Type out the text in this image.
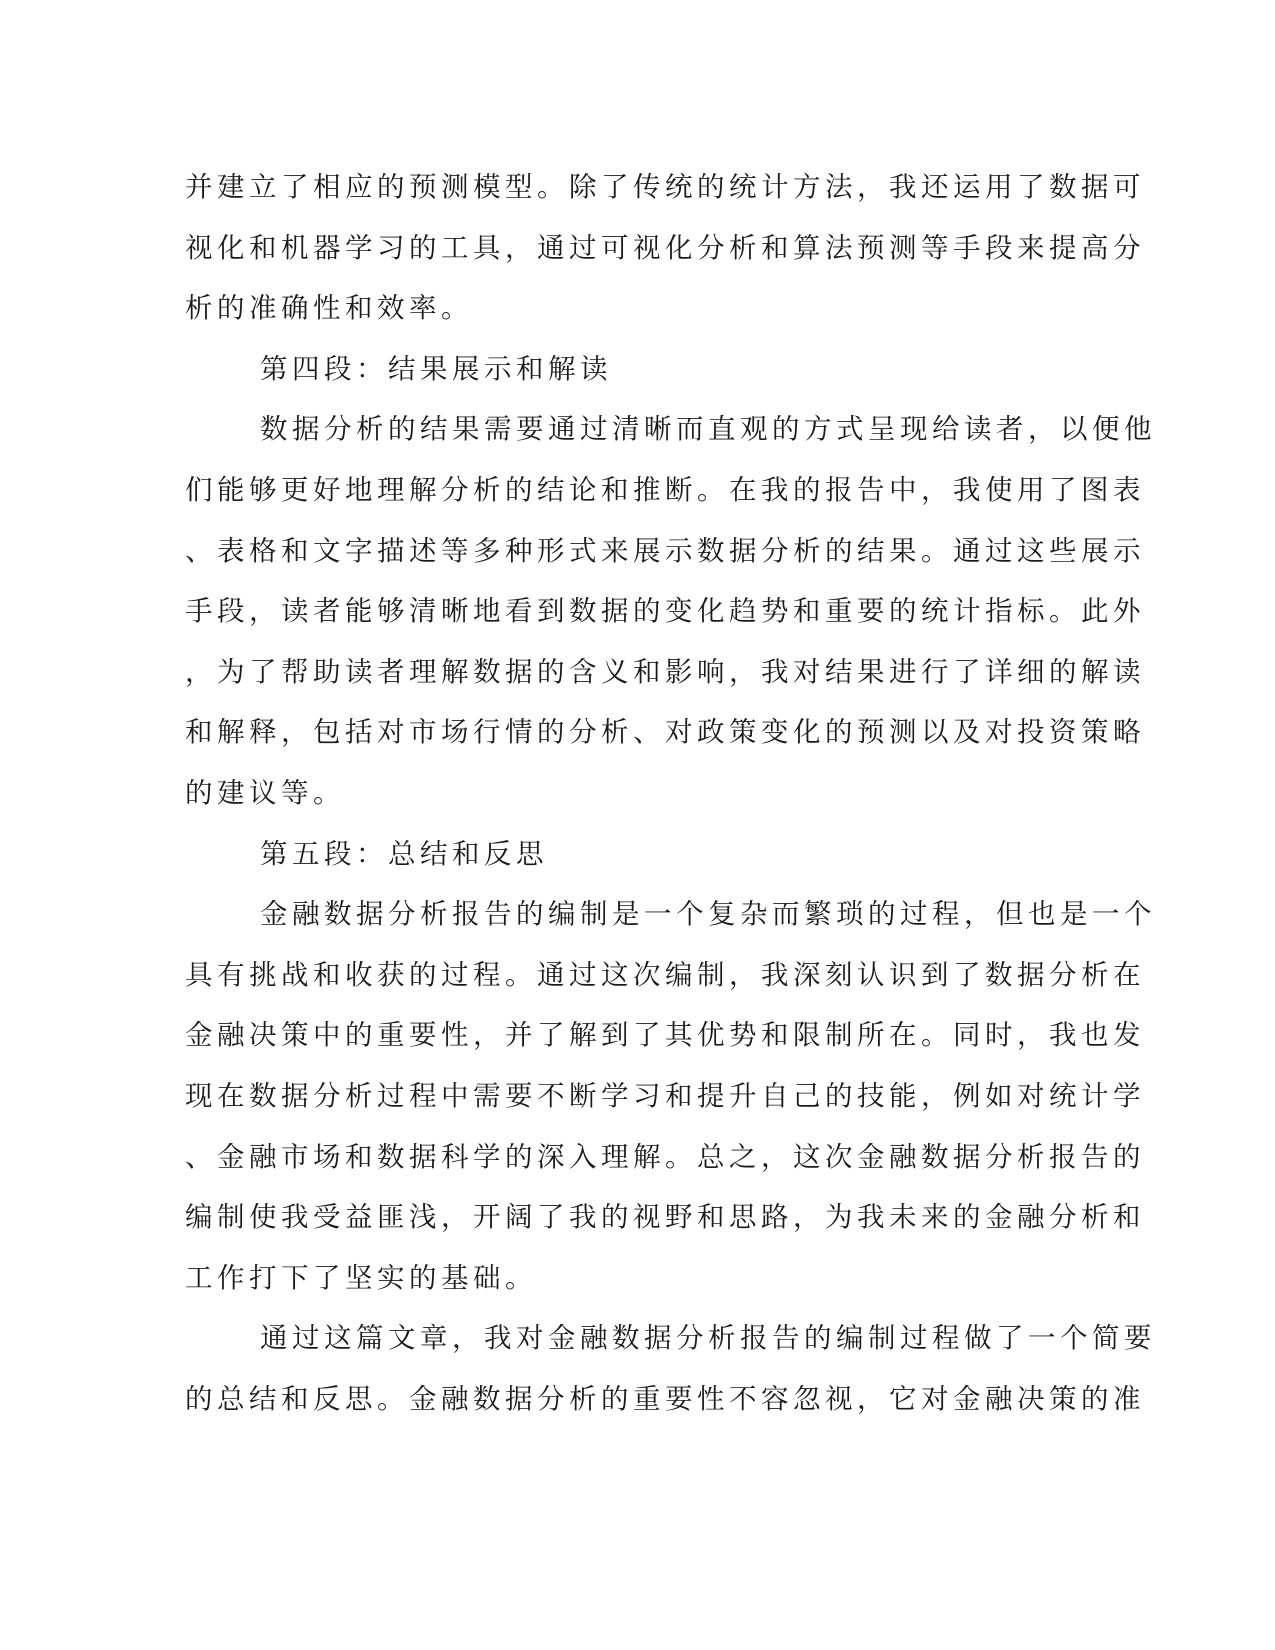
并建立了相应的预测模型。除了传统的统计方法，我还运用了数据可
视化和机器学习的工具，通过可视化分析和算法预测等手段来提高分
析的准确性和效率。
第四段：结果展示和解读
数据分析的结果需要通过清晰而直观的方式呈现给读者，以便他
们能够更好地理解分析的结论和推断。在我的报告中，我使用了图表
、表格和文字描述等多种形式来展示数据分析的结果。通过这些展示
手段，读者能够清晰地看到数据的变化趋势和重要的统计指标。此外
，为了帮助读者理解数据的含义和影响，我对结果进行了详细的解读
和解释，包括对市场行情的分析、对政策变化的预测以及对投资策略
的建议等。
第五段：总结和反思
金融数据分析报告的编制是一个复杂而繁琐的过程，但也是一个
具有挑战和收获的过程。通过这次编制，我深刻认识到了数据分析在
金融决策中的重要性，并了解到了其优势和限制所在。同时，我也发
现在数据分析过程中需要不断学习和提升自己的技能，例如对统计学
、金融市场和数据科学的深入理解。总之，这次金融数据分析报告的
编制使我受益匪浅，开阔了我的视野和思路，为我未来的金融分析和
工作打下了坚实的基础。
通过这篇文章，我对金融数据分析报告的编制过程做了一个简要
的总结和反思。金融数据分析的重要性不容忽视，它对金融决策的准
